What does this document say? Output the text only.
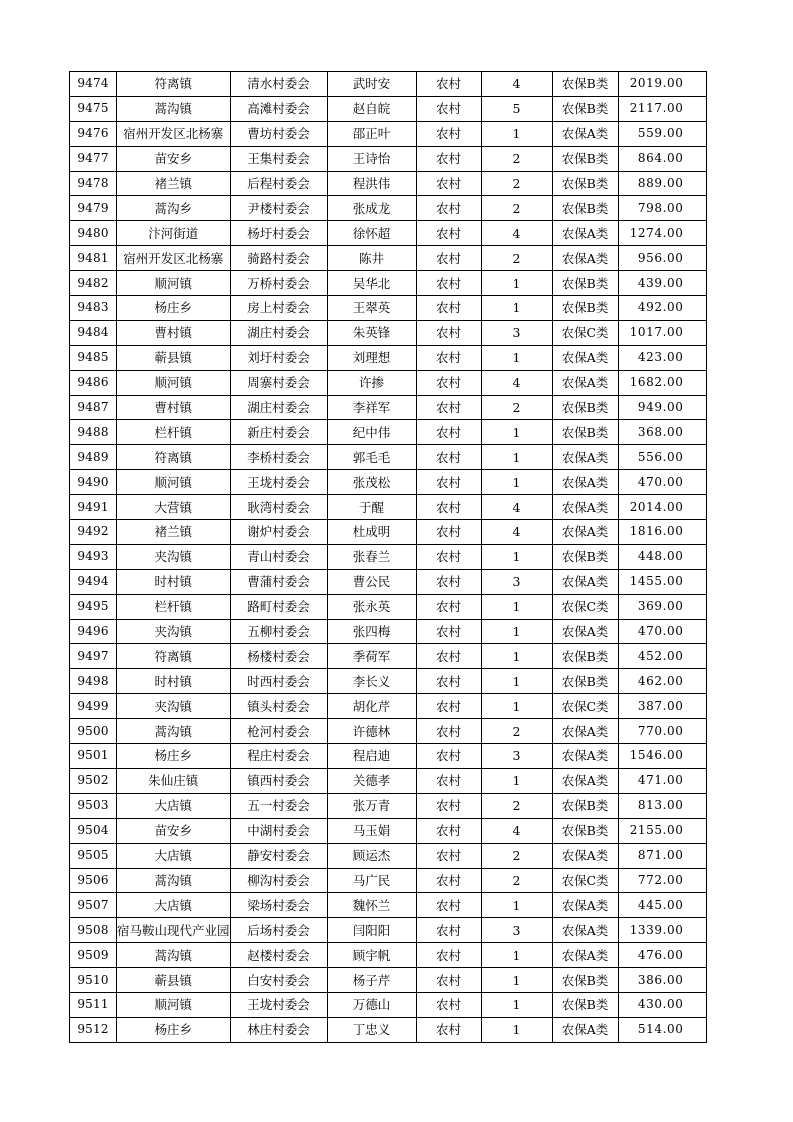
9474	符离镇	清水村委会	武时安	农村	4	农保B类	2019.00
9475	蒿沟镇	高滩村委会	赵自皖	农村	5	农保B类	2117.00
9476	宿州开发区北杨寨	曹坊村委会	邵正叶	农村	1	农保A类	559.00
9477	苗安乡	王集村委会	王诗怡	农村	2	农保B类	864.00
9478	褚兰镇	后程村委会	程洪伟	农村	2	农保B类	889.00
9479	蒿沟乡	尹楼村委会	张成龙	农村	2	农保B类	798.00
9480	汴河街道	杨圩村委会	徐怀超	农村	4	农保A类	1274.00
9481	宿州开发区北杨寨	骑路村委会	陈井	农村	2	农保A类	956.00
9482	顺河镇	万桥村委会	吴华北	农村	1	农保B类	439.00
9483	杨庄乡	房上村委会	王翠英	农村	1	农保B类	492.00
9484	曹村镇	湖庄村委会	朱英锋	农村	3	农保C类	1017.00
9485	蕲县镇	刘圩村委会	刘理想	农村	1	农保A类	423.00
9486	顺河镇	周寨村委会	许掺	农村	4	农保A类	1682.00
9487	曹村镇	湖庄村委会	李祥军	农村	2	农保B类	949.00
9488	栏杆镇	新庄村委会	纪中伟	农村	1	农保B类	368.00
9489	符离镇	李桥村委会	郭毛毛	农村	1	农保A类	556.00
9490	顺河镇	王垅村委会	张茂松	农村	1	农保A类	470.00
9491	大营镇	耿湾村委会	于醒	农村	4	农保A类	2014.00
9492	褚兰镇	谢炉村委会	杜成明	农村	4	农保A类	1816.00
9493	夹沟镇	青山村委会	张春兰	农村	1	农保B类	448.00
9494	时村镇	曹蒲村委会	曹公民	农村	3	农保A类	1455.00
9495	栏杆镇	路町村委会	张永英	农村	1	农保C类	369.00
9496	夹沟镇	五柳村委会	张四梅	农村	1	农保A类	470.00
9497	符离镇	杨楼村委会	季荷军	农村	1	农保B类	452.00
9498	时村镇	时西村委会	李长义	农村	1	农保B类	462.00
9499	夹沟镇	镇头村委会	胡化芹	农村	1	农保C类	387.00
9500	蒿沟镇	枪河村委会	许德林	农村	2	农保A类	770.00
9501	杨庄乡	程庄村委会	程启迪	农村	3	农保A类	1546.00
9502	朱仙庄镇	镇西村委会	关德孝	农村	1	农保A类	471.00
9503	大店镇	五一村委会	张万青	农村	2	农保B类	813.00
9504	苗安乡	中湖村委会	马玉娟	农村	4	农保B类	2155.00
9505	大店镇	静安村委会	顾运杰	农村	2	农保A类	871.00
9506	蒿沟镇	柳沟村委会	马广民	农村	2	农保C类	772.00
9507	大店镇	梁场村委会	魏怀兰	农村	1	农保A类	445.00
9508	宿马鞍山现代产业园	后场村委会	闫阳阳	农村	3	农保A类	1339.00
9509	蒿沟镇	赵楼村委会	顾宇帆	农村	1	农保A类	476.00
9510	蕲县镇	白安村委会	杨子芹	农村	1	农保B类	386.00
9511	顺河镇	王垅村委会	万德山	农村	1	农保B类	430.00
9512	杨庄乡	林庄村委会	丁忠义	农村	1	农保A类	514.00
